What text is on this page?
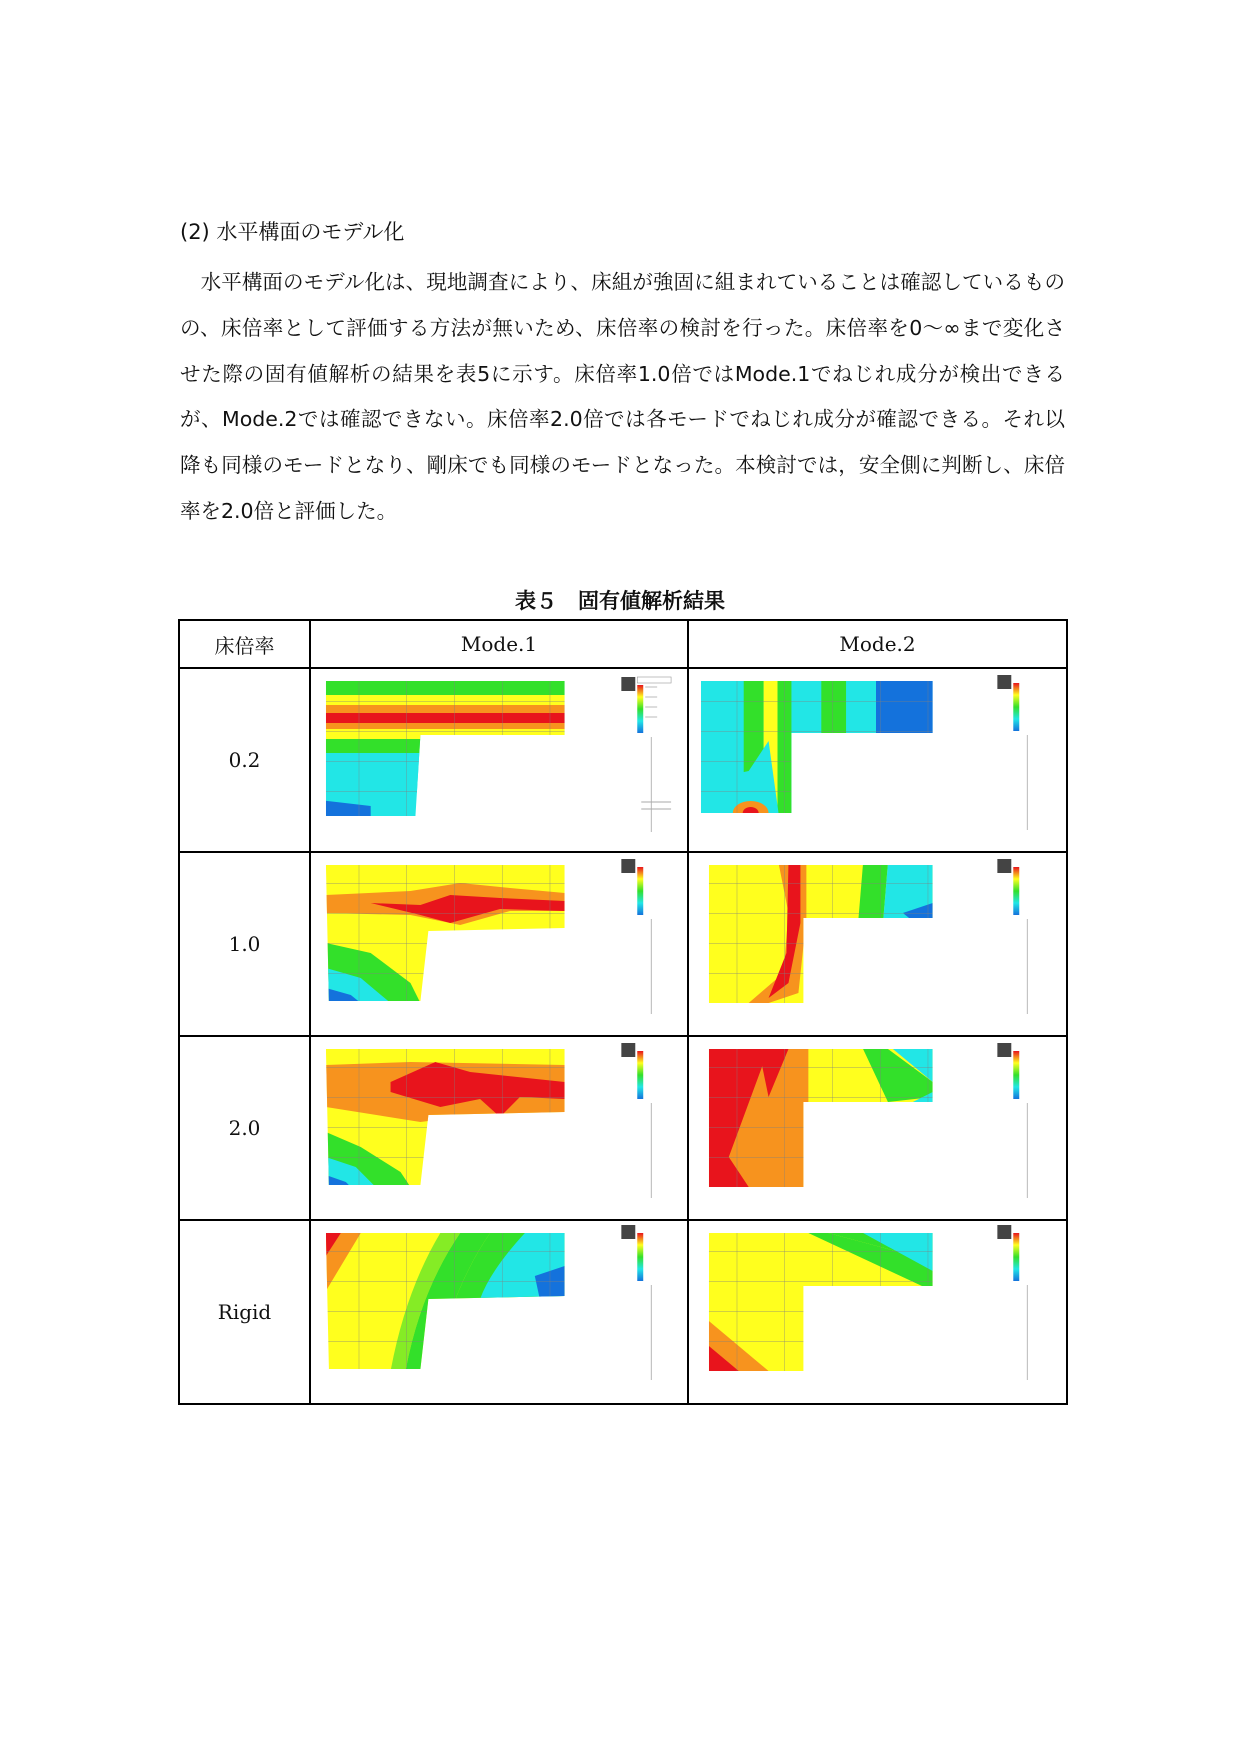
(2) 水平構面のモデル化
　水平構面のモデル化は、現地調査により、床組が強固に組まれていることは確認しているものの、床倍率として評価する方法が無いため、床倍率の検討を行った。床倍率を0〜∞まで変化させた際の固有値解析の結果を表5に示す。床倍率1.0倍ではMode.1でねじれ成分が検出できるが、Mode.2では確認できない。床倍率2.0倍では各モードでねじれ成分が確認できる。それ以降も同様のモードとなり、剛床でも同様のモードとなった。本検討では，安全側に判断し、床倍率を2.0倍と評価した。
表５　固有値解析結果
床倍率	Mode.1	Mode.2
0.2	

1.0	

2.0	

Rigid	
